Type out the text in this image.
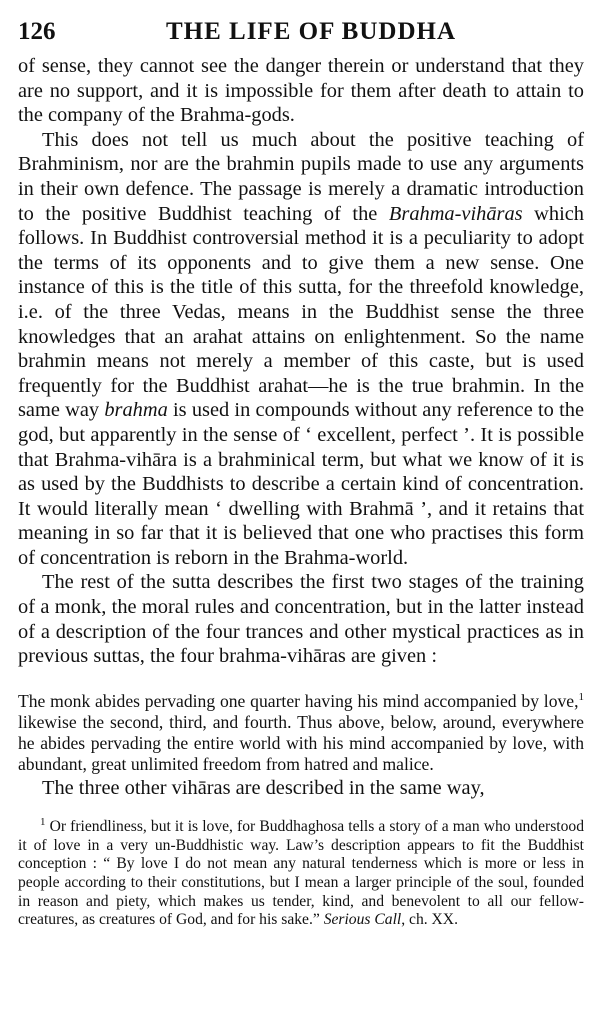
126	THE LIFE OF BUDDHA

of sense, they cannot see the danger therein or understand that they are no support, and it is impossible for them after death to attain to the company of the Brahma-gods.

This does not tell us much about the positive teaching of Brahminism, nor are the brahmin pupils made to use any arguments in their own defence. The passage is merely a dramatic introduction to the positive Buddhist teaching of the Brahma-vihāras which follows. In Buddhist controversial method it is a peculiarity to adopt the terms of its opponents and to give them a new sense. One instance of this is the title of this sutta, for the threefold knowledge, i.e. of the three Vedas, means in the Buddhist sense the three knowledges that an arahat attains on enlightenment. So the name brahmin means not merely a member of this caste, but is used frequently for the Buddhist arahat—he is the true brahmin. In the same way brahma is used in compounds without any reference to the god, but apparently in the sense of ‘ excellent, perfect ’. It is possible that Brahma-vihāra is a brahminical term, but what we know of it is as used by the Buddhists to describe a certain kind of concentration. It would literally mean ‘ dwelling with Brahmā ’, and it retains that meaning in so far that it is believed that one who practises this form of concentration is reborn in the Brahma-world.

The rest of the sutta describes the first two stages of the training of a monk, the moral rules and concentration, but in the latter instead of a description of the four trances and other mystical practices as in previous suttas, the four brahma-vihāras are given :

The monk abides pervading one quarter having his mind accompanied by love,$^1$ likewise the second, third, and fourth. Thus above, below, around, everywhere he abides pervading the entire world with his mind accompanied by love, with abundant, great unlimited freedom from hatred and malice.

The three other vihāras are described in the same way,

$^1$ Or friendliness, but it is love, for Buddhaghosa tells a story of a man who understood it of love in a very un-Buddhistic way. Law’s description appears to fit the Buddhist conception : “ By love I do not mean any natural tenderness which is more or less in people according to their constitutions, but I mean a larger principle of the soul, founded in reason and piety, which makes us tender, kind, and benevolent to all our fellow-creatures, as creatures of God, and for his sake.” Serious Call, ch. XX.
